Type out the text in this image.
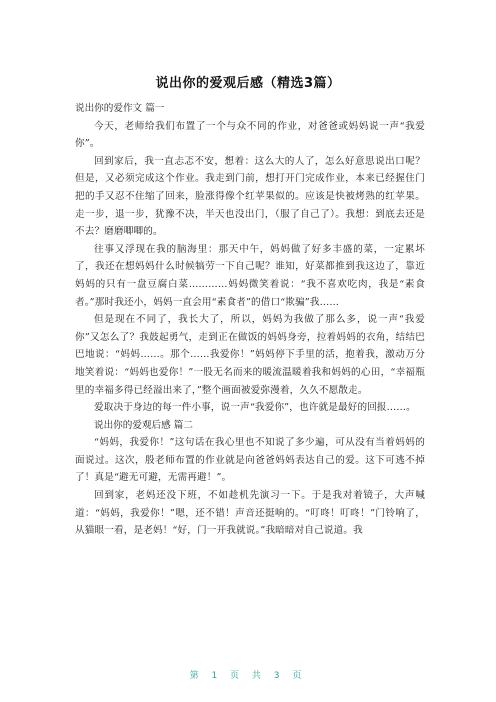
说出你的爱观后感（精选3篇）

说出你的爱作文 篇一

今天，老师给我们布置了一个与众不同的作业，对爸爸或妈妈说一声“我爱你”。

回到家后，我一直忐忑不安，想着：这么大的人了，怎么好意思说出口呢？但是，又必须完成这个作业。我走到门前，想打开门完成作业，本来已经握住门把的手又忍不住缩了回来，脸涨得像个红苹果似的。应该是快被烤熟的红苹果。走一步，退一步，犹豫不决，半天也没出门，（服了自己了）。我想：到底去还是不去？磨磨唧唧的。

往事又浮现在我的脑海里：那天中午，妈妈做了好多丰盛的菜，一定累坏了，我还在想妈妈什么时候犒劳一下自己呢？谁知，好菜都推到我这边了，靠近妈妈的只有一盘豆腐白菜…………妈妈微笑着说：“我不喜欢吃肉，我是“素食者。”那时我还小，妈妈一直会用“素食者”的借口“欺骗”我……

但是现在不同了，我长大了，所以，妈妈为我做了那么多，说一声“我爱你”又怎么了？我鼓起勇气，走到正在做饭的妈妈身旁，拉着妈妈的衣角，结结巴巴地说：“妈妈……。那个……我爱你！”妈妈停下手里的活，抱着我，激动万分地笑着说：“妈妈也爱你！”一股无名而来的暖流温暖着我和妈妈的心田，“幸福瓶里的幸福多得已经溢出来了，”整个画面被爱弥漫着，久久不愿散走。

爱取决于身边的每一件小事，说一声“我爱你”，也许就是最好的回报……。

说出你的爱观后感 篇二

“妈妈，我爱你！”这句话在我心里也不知说了多少遍，可从没有当着妈妈的面说过。这次，殷老师布置的作业就是向爸爸妈妈表达自己的爱。这下可逃不掉了！真是“避无可避，无需再避！”。

回到家，老妈还没下班，不如趁机先演习一下。于是我对着镜子，大声喊道：“妈妈，我爱你！”嗯，还不错！声音还挺响的。“叮咚！叮咚！”门铃响了，从猫眼一看，是老妈！“好，门一开我就说。”我暗暗对自己说道。我

第 1 页 共 3 页
